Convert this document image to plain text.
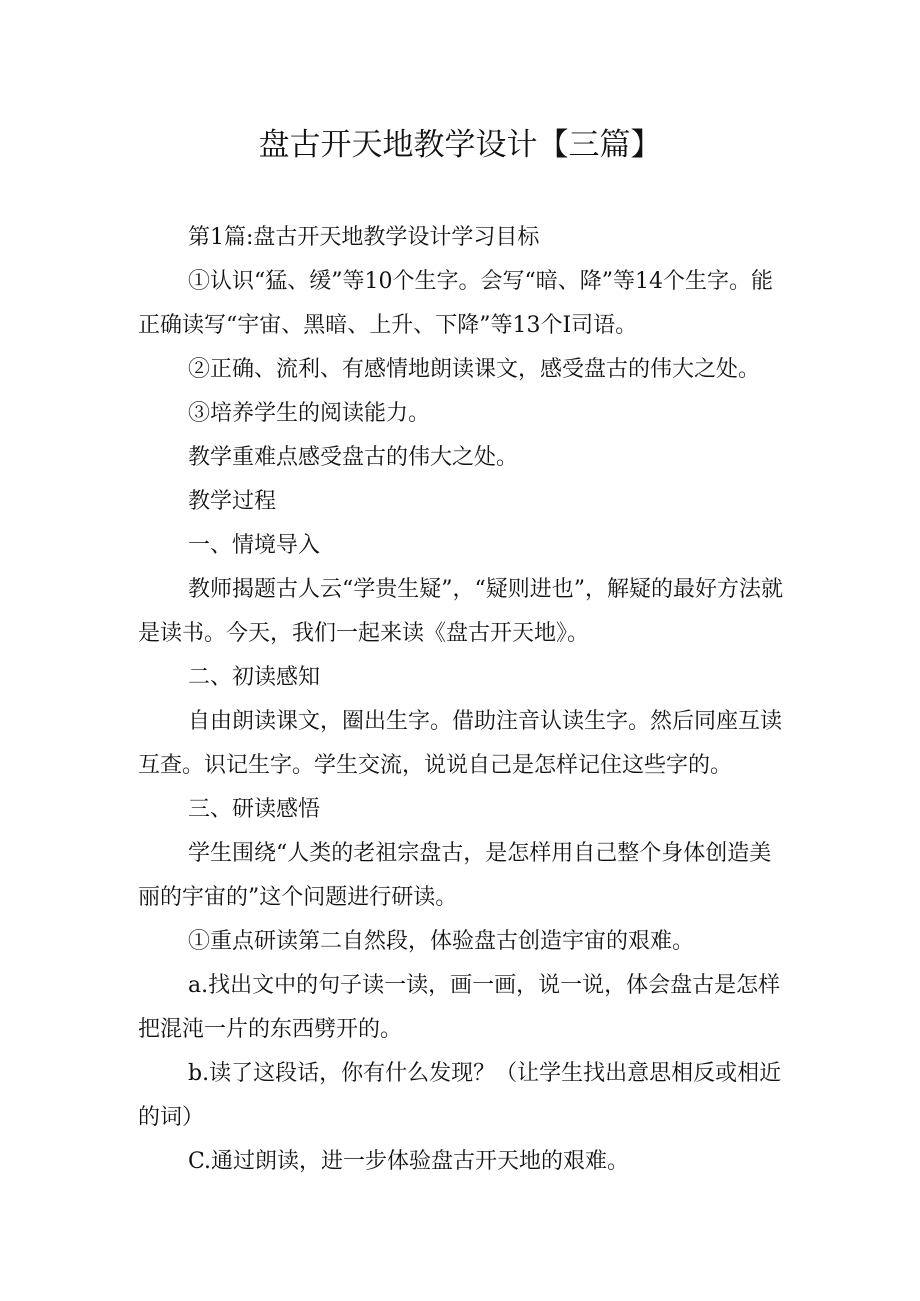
盘古开天地教学设计【三篇】

第1篇:盘古开天地教学设计学习目标

①认识“猛、缓”等10个生字。会写“暗、降”等14个生字。能正确读写“宇宙、黑暗、上升、下降”等13个I司语。

②正确、流利、有感情地朗读课文，感受盘古的伟大之处。

③培养学生的阅读能力。

教学重难点感受盘古的伟大之处。

教学过程

一、情境导入

教师揭题古人云“学贵生疑”，“疑则进也”，解疑的最好方法就是读书。今天，我们一起来读《盘古开天地》。

二、初读感知

自由朗读课文，圈出生字。借助注音认读生字。然后同座互读互查。识记生字。学生交流，说说自己是怎样记住这些字的。

三、研读感悟

学生围绕“人类的老祖宗盘古，是怎样用自己整个身体创造美丽的宇宙的”这个问题进行研读。

①重点研读第二自然段，体验盘古创造宇宙的艰难。

a.找出文中的句子读一读，画一画，说一说，体会盘古是怎样把混沌一片的东西劈开的。

b.读了这段话，你有什么发现？（让学生找出意思相反或相近的词）

C.通过朗读，进一步体验盘古开天地的艰难。
